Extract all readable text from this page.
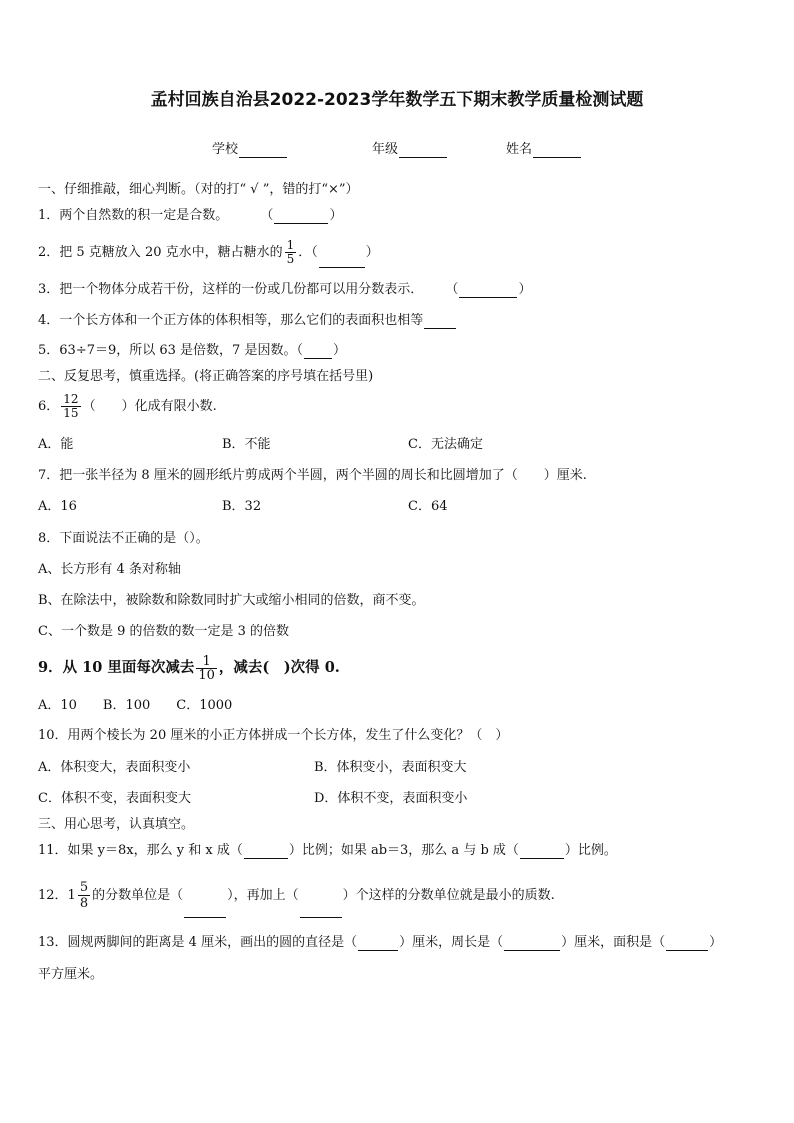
孟村回族自治县2022-2023学年数学五下期末教学质量检测试题
学校	年级	姓名
一、仔细推敲，细心判断。（对的打“ √ ”，错的打“×”）
1．两个自然数的积一定是合数。 （	）
2．把 5 克糖放入 20 克水中，糖占糖水的 $\frac{1}{5}$ ．（	）
3．把一个物体分成若干份，这样的一份或几份都可以用分数表示． （	）
4．一个长方体和一个正方体的体积相等，那么它们的表面积也相等
5．63÷7＝9，所以 63 是倍数，7 是因数。（ ）
二、反复思考，慎重选择。(将正确答案的序号填在括号里)
6． $\frac{12}{15}$ （　　）化成有限小数.
A．能	B．不能	C．无法确定
7．把一张半径为 8 厘米的圆形纸片剪成两个半圆，两个半圆的周长和比圆增加了（　　）厘米.
A．16	B．32	C．64
8．下面说法不正确的是（）。
A、长方形有 4 条对称轴
B、在除法中，被除数和除数同时扩大或缩小相同的倍数，商不变。
C、一个数是 9 的倍数的数一定是 3 的倍数
9．从 10 里面每次减去 $\frac{1}{10}$ ，减去(　)次得 0.
A．10　　B．100　　C．1000
10．用两个棱长为 20 厘米的小正方体拼成一个长方体，发生了什么变化？（　）
A．体积变大，表面积变小	B．体积变小，表面积变大
C．体积不变，表面积变大	D．体积不变，表面积变小
三、用心思考，认真填空。
11．如果 y＝8x，那么 y 和 x 成（	）比例；如果 ab＝3，那么 a 与 b 成（	）比例。
12．$1 \frac{5}{8}$ 的分数单位是（	），再加上（	）个这样的分数单位就是最小的质数.
13．圆规两脚间的距离是 4 厘米，画出的圆的直径是（	）厘米，周长是（	）厘米，面积是（	）
平方厘米。
